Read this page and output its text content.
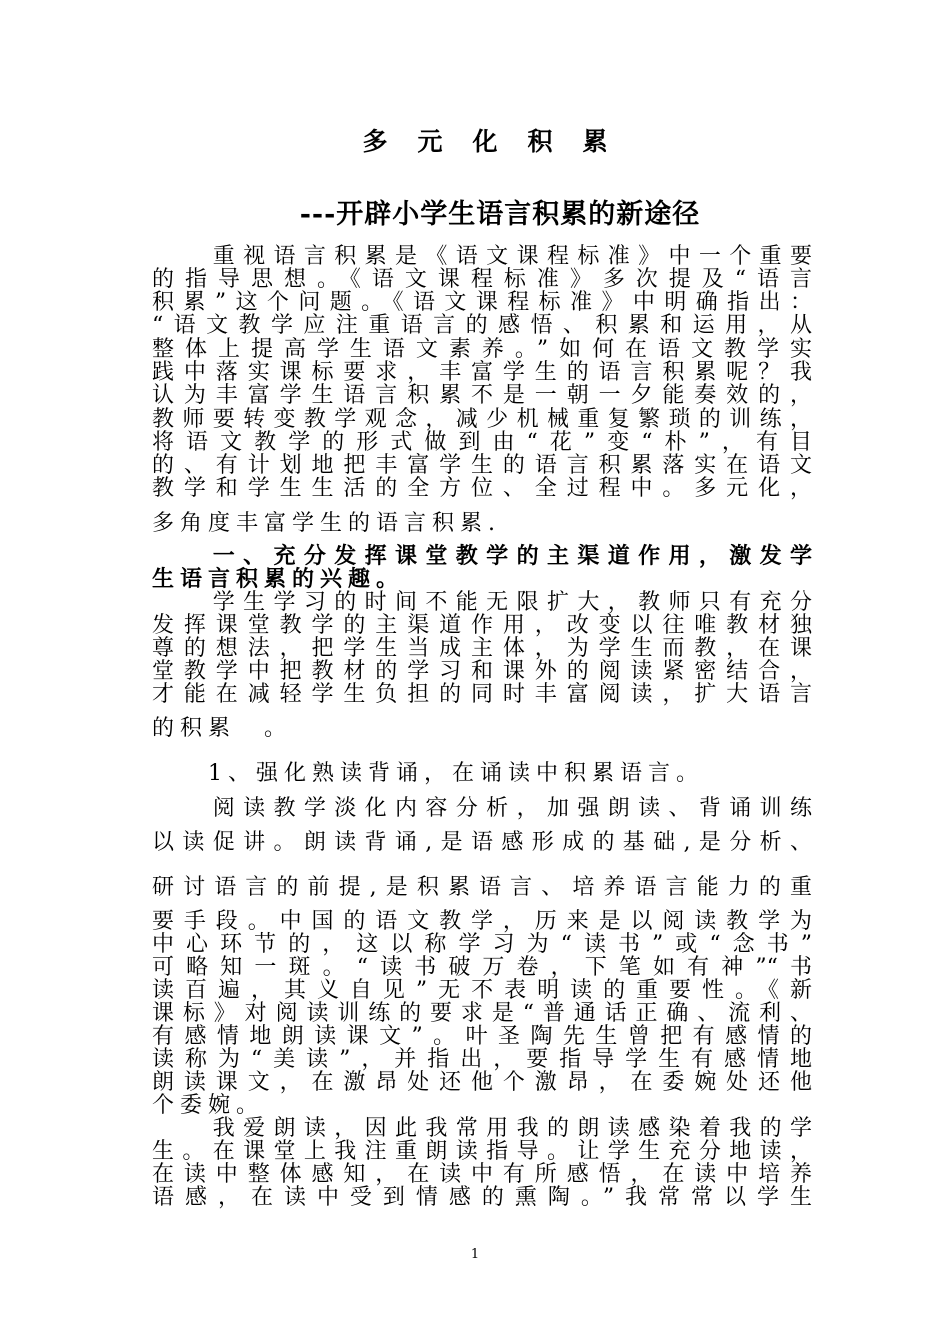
多元化积累
---开辟小学生语言积累的新途径
　　重视语言积累是《语文课程标准》中一个重要
的指导思想。《语文课程标准》多次提及“语言
积累”这个问题。《语文课程标准》中明确指出：
“语文教学应注重语言的感悟、积累和运用，从
整体上提高学生语文素养。”如何在语文教学实
践中落实课标要求，丰富学生的语言积累呢？我
认为丰富学生语言积累不是一朝一夕能奏效的，
教师要转变教学观念，减少机械重复繁琐的训练，
将语文教学的形式做到由“花”变“朴”，有目
的、有计划地把丰富学生的语言积累落实在语文
教学和学生生活的全方位、全过程中。多元化，
多角度丰富学生的语言积累.
　　一、充分发挥课堂教学的主渠道作用，激发学
生语言积累的兴趣。
　　学生学习的时间不能无限扩大，教师只有充分
发挥课堂教学的主渠道作用，改变以往唯教材独
尊的想法，把学生当成主体，为学生而教，在课
堂教学中把教材的学习和课外的阅读紧密结合，
才能在减轻学生负担的同时丰富阅读，扩大语言
的积累　。
　　1、强化熟读背诵，在诵读中积累语言。
　　阅读教学淡化内容分析，加强朗读、背诵训练
以读促讲。朗读背诵,是语感形成的基础,是分析、
研讨语言的前提,是积累语言、培养语言能力的重
要手段。中国的语文教学，历来是以阅读教学为
中心环节的，这以称学习为“读书”或“念书”
可略知一斑。“读书破万卷，下笔如有神”“书
读百遍，其义自见”无不表明读的重要性。《新
课标》对阅读训练的要求是“普通话正确、流利、
有感情地朗读课文”。叶圣陶先生曾把有感情的
读称为“美读”，并指出，要指导学生有感情地
朗读课文，在激昂处还他个激昂，在委婉处还他
个委婉。
　　我爱朗读，因此我常用我的朗读感染着我的学
生。在课堂上我注重朗读指导。让学生充分地读，
在读中整体感知，在读中有所感悟，在读中培养
语感，在读中受到情感的熏陶。”我常常以学生
1
